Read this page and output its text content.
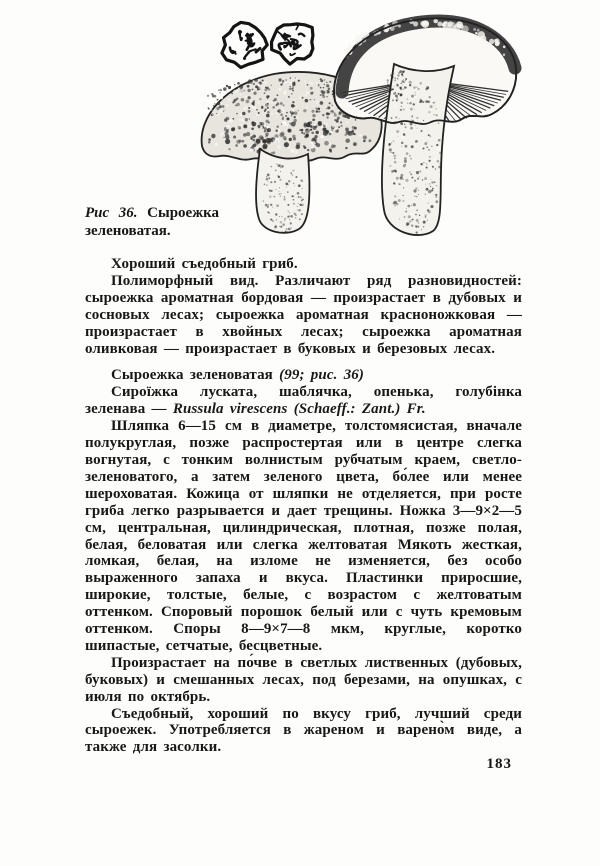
Рис 36. Сыроежка зеленоватая.
Хороший съедобный гриб.
Полиморфный вид. Различают ряд разновидностей: сыроежка ароматная бордовая — произрастает в дубовых и сосновых лесах; сыроежка ароматная красноножковая — произрастает в хвойных лесах; сыроежка ароматная оливковая — произрастает в буковых и березовых лесах.
Сыроежка зеленоватая (99; рис. 36)
Сироїжка луската, шаблячка, опенька, голубінка зеленава — Russula virescens (Schaeff.: Zant.) Fr.
Шляпка 6—15 см в диаметре, толстомясистая, вначале полукруглая, позже распростертая или в центре слегка вогнутая, с тонким волнистым рубчатым краем, светло-зеленоватого, а затем зеленого цвета, бо́лее или менее шероховатая. Кожица от шляпки не отделяется, при росте гриба легко разрывается и дает трещины. Ножка 3—9×2—5 см, центральная, цилиндрическая, плотная, позже полая, белая, беловатая или слегка желтоватая Мякоть жесткая, ломкая, белая, на изломе не изменяется, без особо выраженного запаха и вкуса. Пластинки приросшие, широкие, толстые, белые, с возрастом с желтоватым оттенком. Споровый порошок белый или с чуть кремовым оттенком. Споры 8—9×7—8 мкм, круглые, коротко шипастые, сетчатые, бесцветные.
Произрастает на по́чве в светлых лиственных (дубовых, буковых) и смешанных лесах, под березами, на опушках, с июля по октябрь.
Съедобный, хороший по вкусу гриб, лучший среди сыроежек. Употребляется в жареном и варено̀м виде, а также для засолки.
183
